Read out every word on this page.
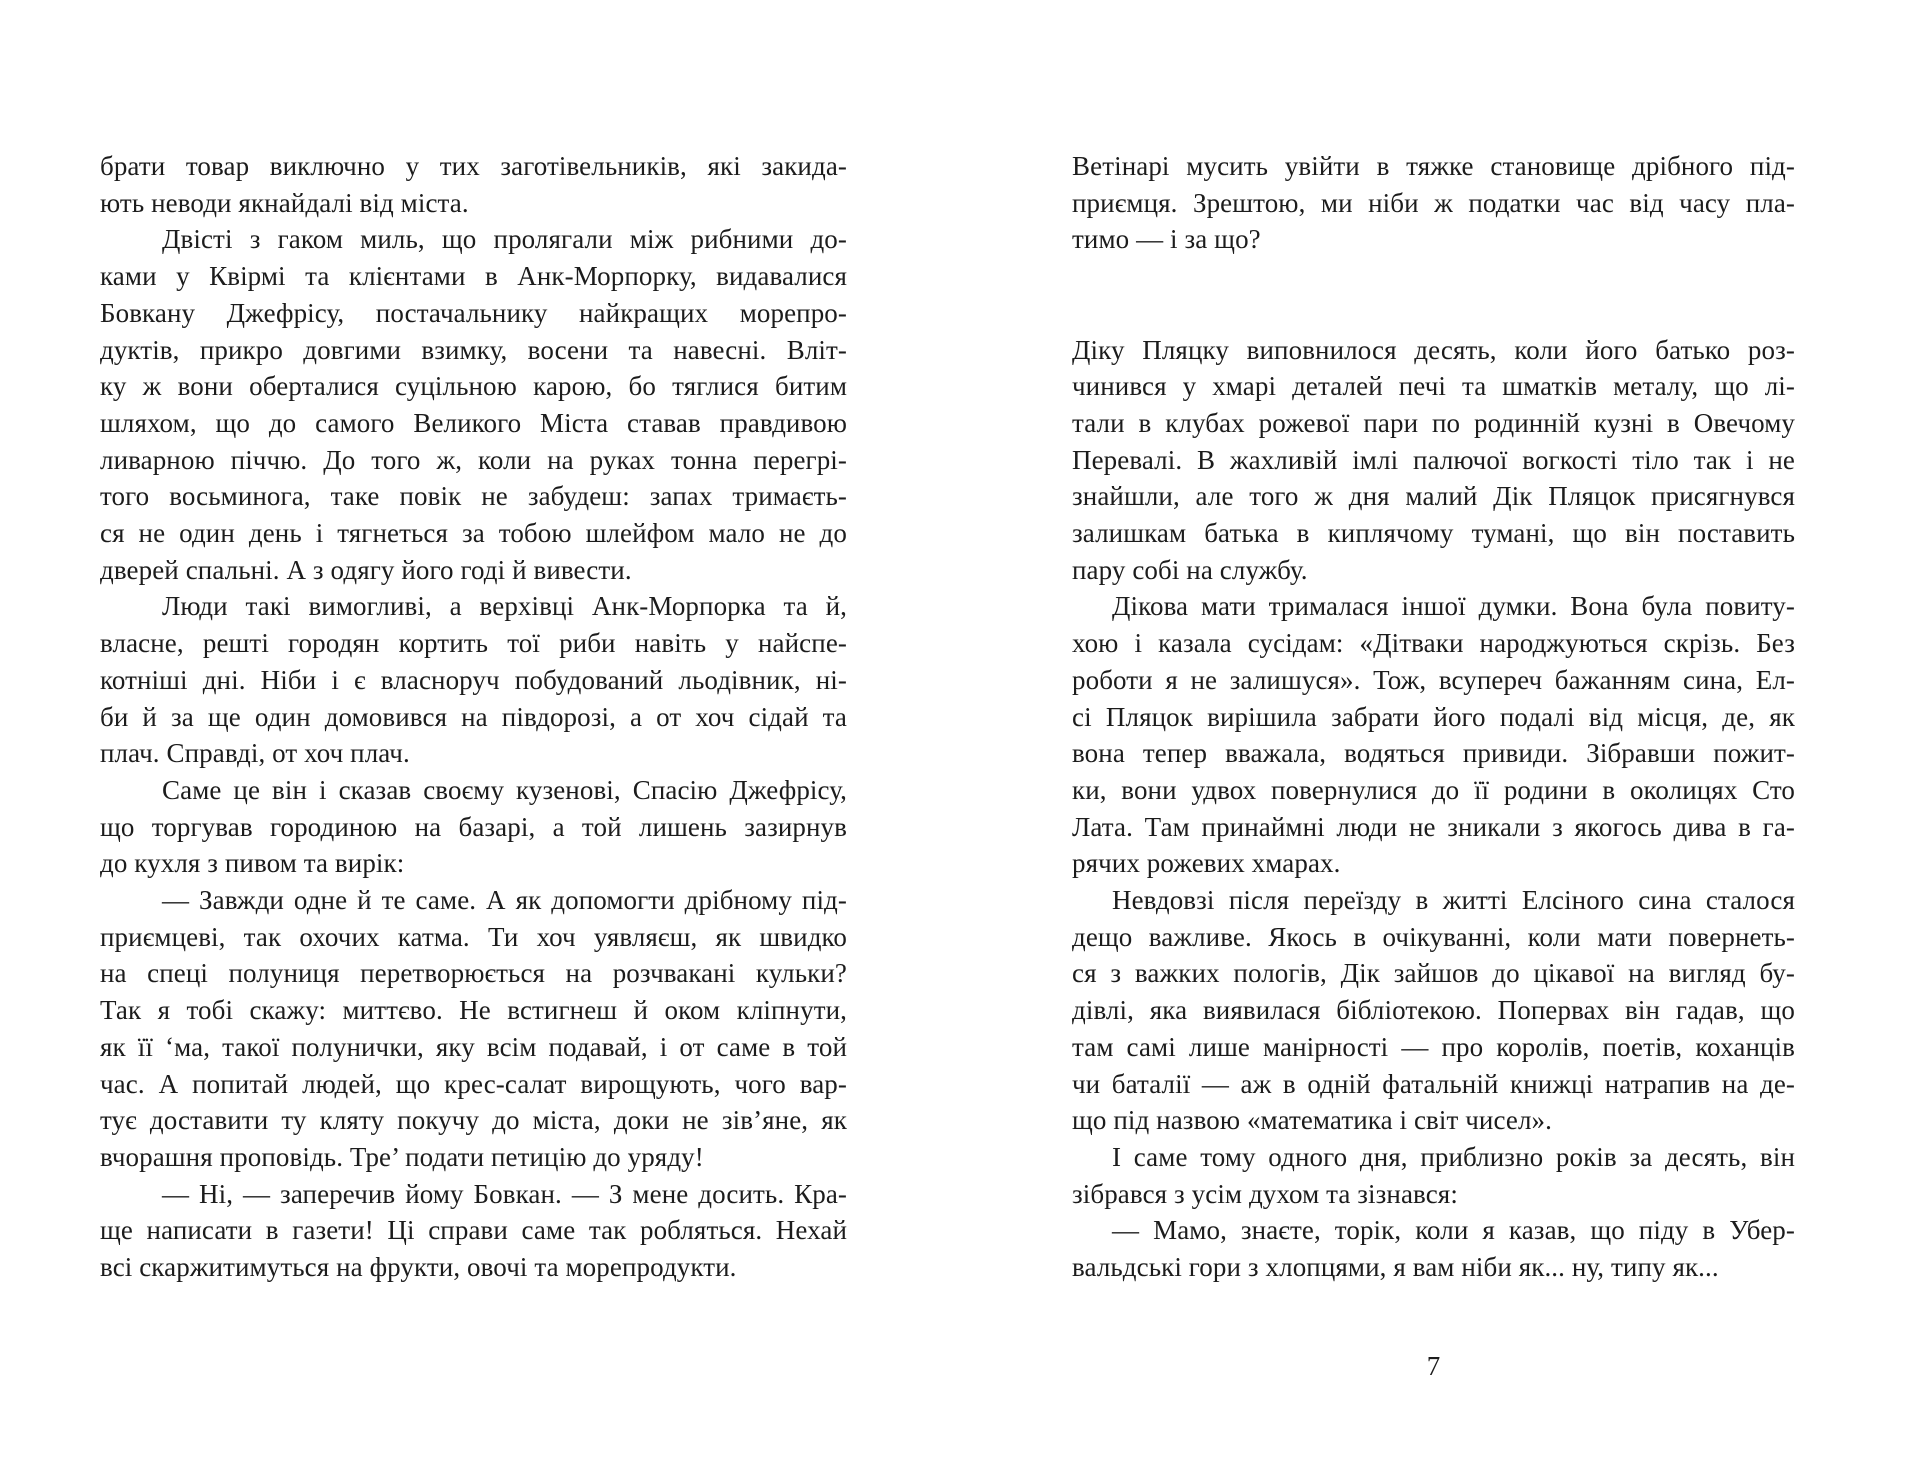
брати товар виключно у тих заготівельників, які закида-
ють неводи якнайдалі від міста.
Двісті з гаком миль, що пролягали між рибними до-
ками у Квірмі та клієнтами в Анк-Морпорку, видавалися
Бовкану Джефрісу, постачальнику найкращих морепро-
дуктів, прикро довгими взимку, восени та навесні. Вліт-
ку ж вони оберталися суцільною карою, бо тяглися битим
шляхом, що до самого Великого Міста ставав правдивою
ливарною піччю. До того ж, коли на руках тонна перегрі-
того восьминога, таке повік не забудеш: запах тримаєть-
ся не один день і тягнеться за тобою шлейфом мало не до
дверей спальні. А з одягу його годі й вивести.
Люди такі вимогливі, а верхівці Анк-Морпорка та й,
власне, решті городян кортить тої риби навіть у найспе-
котніші дні. Ніби і є власноруч побудований льодівник, ні-
би й за ще один домовився на півдорозі, а от хоч сідай та
плач. Справді, от хоч плач.
Саме це він і сказав своєму кузенові, Спасію Джефрісу,
що торгував городиною на базарі, а той лишень зазирнув
до кухля з пивом та вирік:
— Завжди одне й те саме. А як допомогти дрібному під-
приємцеві, так охочих катма. Ти хоч уявляєш, як швидко
на спеці полуниця перетворюється на розчвакані кульки?
Так я тобі скажу: миттєво. Не встигнеш й оком кліпнути,
як її ‘ма, такої полунички, яку всім подавай, і от саме в той
час. А попитай людей, що крес-салат вирощують, чого вар-
тує доставити ту кляту покучу до міста, доки не зів’яне, як
вчорашня проповідь. Тре’ подати петицію до уряду!
— Ні, — заперечив йому Бовкан. — З мене досить. Кра-
ще написати в газети! Ці справи саме так робляться. Нехай
всі скаржитимуться на фрукти, овочі та морепродукти.
Ветінарі мусить увійти в тяжке становище дрібного під-
приємця. Зрештою, ми ніби ж податки час від часу пла-
тимо — і за що?
Діку Пляцку виповнилося десять, коли його батько роз-
чинився у хмарі деталей печі та шматків металу, що лі-
тали в клубах рожевої пари по родинній кузні в Овечому
Перевалі. В жахливій імлі палючої вогкості тіло так і не
знайшли, але того ж дня малий Дік Пляцок присягнувся
залишкам батька в киплячому тумані, що він поставить
пару собі на службу.
Дікова мати трималася іншої думки. Вона була повиту-
хою і казала сусідам: «Дітваки народжуються скрізь. Без
роботи я не залишуся». Тож, всупереч бажанням сина, Ел-
сі Пляцок вирішила забрати його подалі від місця, де, як
вона тепер вважала, водяться привиди. Зібравши пожит-
ки, вони удвох повернулися до її родини в околицях Сто
Лата. Там принаймні люди не зникали з якогось дива в га-
рячих рожевих хмарах.
Невдовзі після переїзду в житті Елсіного сина сталося
дещо важливе. Якось в очікуванні, коли мати повернеть-
ся з важких пологів, Дік зайшов до цікавої на вигляд бу-
дівлі, яка виявилася бібліотекою. Попервах він гадав, що
там самі лише манірності — про королів, поетів, коханців
чи баталії — аж в одній фатальній книжці натрапив на де-
що під назвою «математика і світ чисел».
І саме тому одного дня, приблизно років за десять, він
зібрався з усім духом та зізнався:
— Мамо, знаєте, торік, коли я казав, що піду в Убер-
вальдські гори з хлопцями, я вам ніби як... ну, типу як...
7
